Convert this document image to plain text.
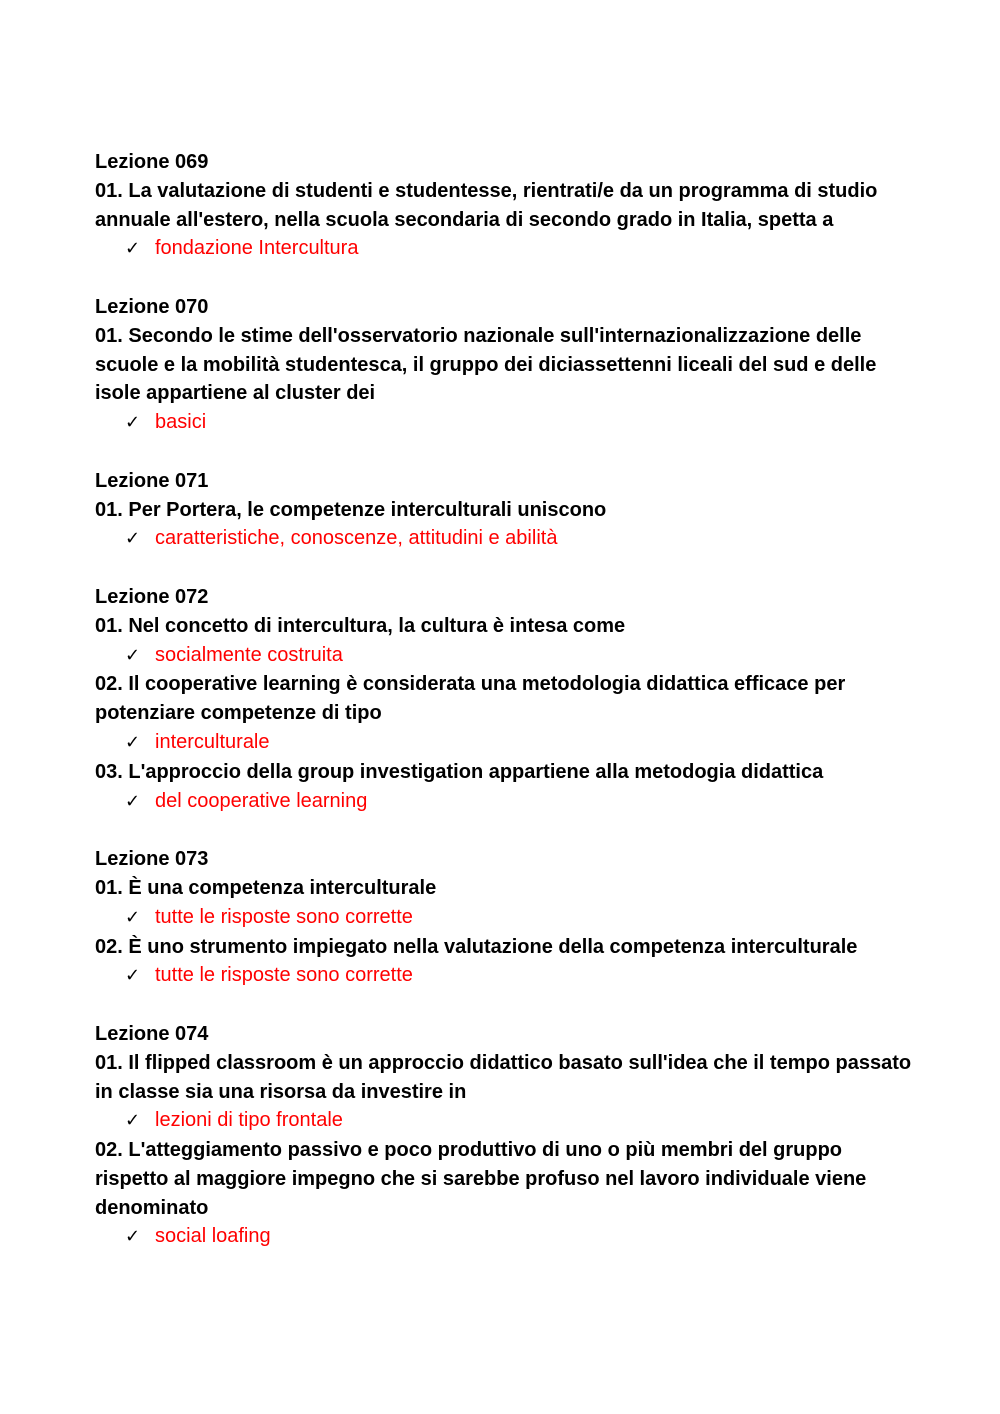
Lezione 069
01. La valutazione di studenti e studentesse, rientrati/e da un programma di studio annuale all'estero, nella scuola secondaria di secondo grado in Italia, spetta a
✓ fondazione Intercultura
Lezione 070
01. Secondo le stime dell'osservatorio nazionale sull'internazionalizzazione delle scuole e la mobilità studentesca, il gruppo dei diciassettenni liceali del sud e delle isole appartiene al cluster dei
✓ basici
Lezione 071
01. Per Portera, le competenze interculturali uniscono
✓ caratteristiche, conoscenze, attitudini e abilità
Lezione 072
01. Nel concetto di intercultura, la cultura è intesa come
✓ socialmente costruita
02. Il cooperative learning è considerata una metodologia didattica efficace per potenziare competenze di tipo
✓ interculturale
03. L'approccio della group investigation appartiene alla metodogia didattica
✓ del cooperative learning
Lezione 073
01. È una competenza interculturale
✓ tutte le risposte sono corrette
02. È uno strumento impiegato nella valutazione della competenza interculturale
✓ tutte le risposte sono corrette
Lezione 074
01. Il flipped classroom è un approccio didattico basato sull'idea che il tempo passato in classe sia una risorsa da investire in
✓ lezioni di tipo frontale
02. L'atteggiamento passivo e poco produttivo di uno o più membri del gruppo rispetto al maggiore impegno che si sarebbe profuso nel lavoro individuale viene denominato
✓ social loafing
